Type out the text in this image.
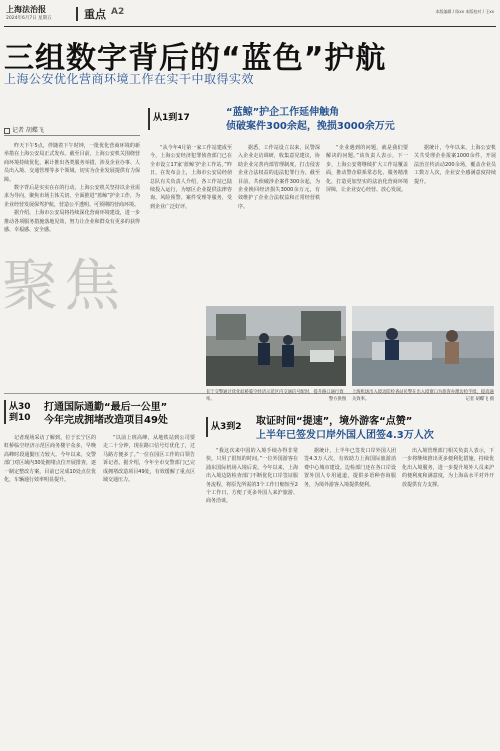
上海法治报
2024年6月7日 星期五	重点 A2	本版编辑 / 陈xx 本版校对 / 王xx
三组数字背后的“蓝色”护航
上海公安优化营商环境工作在实干中取得实效
记者 胡蝶飞

昨天下午5点，伴随着下午时钟，一批优化营商环境的新举措在上海公安局正式发布。截至目前，上海公安机关围绕营商环境持续优化，累计推出各类服务举措，涉及企业办事、人员出入境、交通管理等多个领域，切实为企业发展提供有力保障。

数字背后是实实在在的行动。上海公安机关坚持以企业需求为导向，聚焦市场主体关切，全面推进“蓝鲸”护企工作，为企业经营发展保驾护航，营造公平透明、可预期的营商环境。

据介绍，上海市公安局将持续深化营商环境建设，进一步推动各项服务措施落地见效，努力让企业和群众有更多的获得感、幸福感、安全感。

聚焦
从1到17	“蓝鲸”护企工作延伸触角
侦破案件300余起，挽损3000余万元

“从今年4月第一家工作站建成至今，上海公安经济犯罪侦查部门已在全市设立17家‘蓝鲸’护企工作站。”昨日，在发布会上，上海市公安局经侦总队有关负责人介绍，各工作站已陆续投入运行，为辖区企业提供法律咨询、风险预警、案件受理等服务，受到企业广泛好评。

据悉，工作站设立以来，民警深入企业走访调研，收集意见建议，协助企业完善内部管理制度，打击侵害企业合法权益的违法犯罪行为。截至目前，共侦破涉企案件300余起，为企业挽回经济损失3000余万元，有效维护了企业合法权益和正常经营秩序。

“企业遇到的问题，就是我们要解决的问题。”该负责人表示，下一步，上海公安将继续扩大工作站覆盖面，推动警企联系常态化、服务精准化，打造更加坚实的法治化营商环境屏障，让企业安心经营、放心发展。

据统计，今年以来，上海公安机关共受理企业报案1000余件，开展法治宣传活动200余场，覆盖企业员工数万人次，企业安全感满意度持续提升。

从30
到10
打通国际通勤“最后一公里”
今年完成拥堵改造项目49处

记者现场采访了解到，位于长宁区的虹桥临空经济示范区商务楼宇众多，早晚高峰时段通勤压力较大。今年以来，交警部门对区域内30处拥堵点位开展排查，逐一制定整改方案，目前已完成10处点位优化，车辆通行效率明显提升。

“以前上班高峰，从地铁站到公司要走二十分钟，现在路口信号灯优化了，过马路方便多了。”一位在园区工作的白领告诉记者。据介绍，今年全市交警部门已完成拥堵改造项目49处，有效缓解了重点区域交通压力。

长宁交警通过优化虹桥临空经济示范区内交通信号配时，提升路口通行效率。	警方供图
上海机场出入境边防检查站民警在出入境窗口为旅客办理边检手续，提高通关效率。	记者 胡蝶飞 摄
从3到2 取证时间“提速”，境外游客“点赞”
上半年已签发口岸外国人团签4.3万人次

“我这次来中国的入境手续办得非常快，只用了很短的时间。”一位外国游客在浦东国际机场入境后说。今年以来，上海出入境边防检查部门不断优化口岸签证服务流程，将原先所需的3个工作日缩短至2个工作日，方便了更多外国人来沪旅游、商务洽谈。

据统计，上半年已签发口岸外国人团签4.3万人次，有效助力上海国际旅游消费中心城市建设。边检部门还在各口岸设置外国人专用通道，提供多语种咨询服务，为境外游客入境提供便利。

出入境管理部门相关负责人表示，下一步将继续推出更多便利化措施，持续优化出入境服务，进一步提升境外人员来沪的便利度和满意度，为上海高水平对外开放提供有力支撑。
